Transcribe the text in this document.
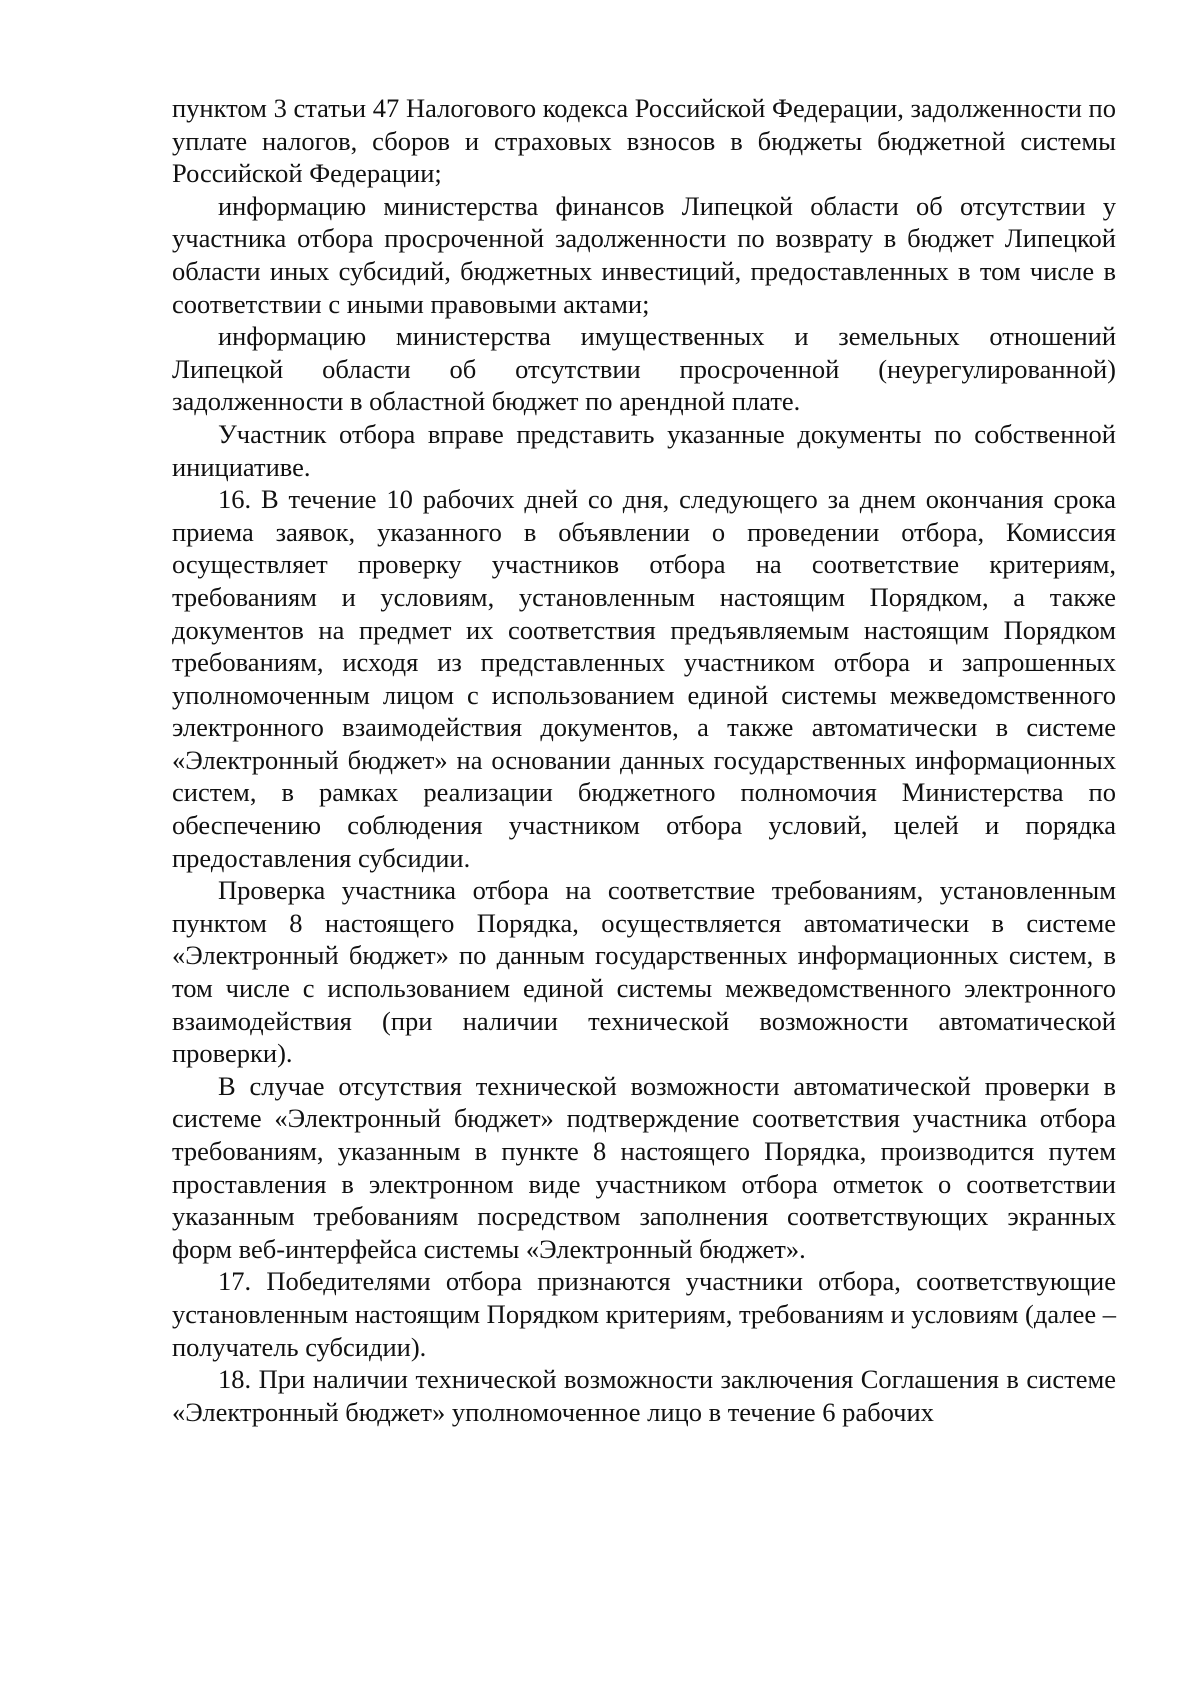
пунктом 3 статьи 47 Налогового кодекса Российской Федерации, задолженности по уплате налогов, сборов и страховых взносов в бюджеты бюджетной системы Российской Федерации;

информацию министерства финансов Липецкой области об отсутствии у участника отбора просроченной задолженности по возврату в бюджет Липецкой области иных субсидий, бюджетных инвестиций, предоставленных в том числе в соответствии с иными правовыми актами;

информацию министерства имущественных и земельных отношений Липецкой области об отсутствии просроченной (неурегулированной) задолженности в областной бюджет по арендной плате.

Участник отбора вправе представить указанные документы по собственной инициативе.

16. В течение 10 рабочих дней со дня, следующего за днем окончания срока приема заявок, указанного в объявлении о проведении отбора, Комиссия осуществляет проверку участников отбора на соответствие критериям, требованиям и условиям, установленным настоящим Порядком, а также документов на предмет их соответствия предъявляемым настоящим Порядком требованиям, исходя из представленных участником отбора и запрошенных уполномоченным лицом с использованием единой системы межведомственного электронного взаимодействия документов, а также автоматически в системе «Электронный бюджет» на основании данных государственных информационных систем, в рамках реализации бюджетного полномочия Министерства по обеспечению соблюдения участником отбора условий, целей и порядка предоставления субсидии.

Проверка участника отбора на соответствие требованиям, установленным пунктом 8 настоящего Порядка, осуществляется автоматически в системе «Электронный бюджет» по данным государственных информационных систем, в том числе с использованием единой системы межведомственного электронного взаимодействия (при наличии технической возможности автоматической проверки).

В случае отсутствия технической возможности автоматической проверки в системе «Электронный бюджет» подтверждение соответствия участника отбора требованиям, указанным в пункте 8 настоящего Порядка, производится путем проставления в электронном виде участником отбора отметок о соответствии указанным требованиям посредством заполнения соответствующих экранных форм веб-интерфейса системы «Электронный бюджет».

17. Победителями отбора признаются участники отбора, соответствующие установленным настоящим Порядком критериям, требованиям и условиям (далее – получатель субсидии).

18. При наличии технической возможности заключения Соглашения в системе «Электронный бюджет» уполномоченное лицо в течение 6 рабочих
